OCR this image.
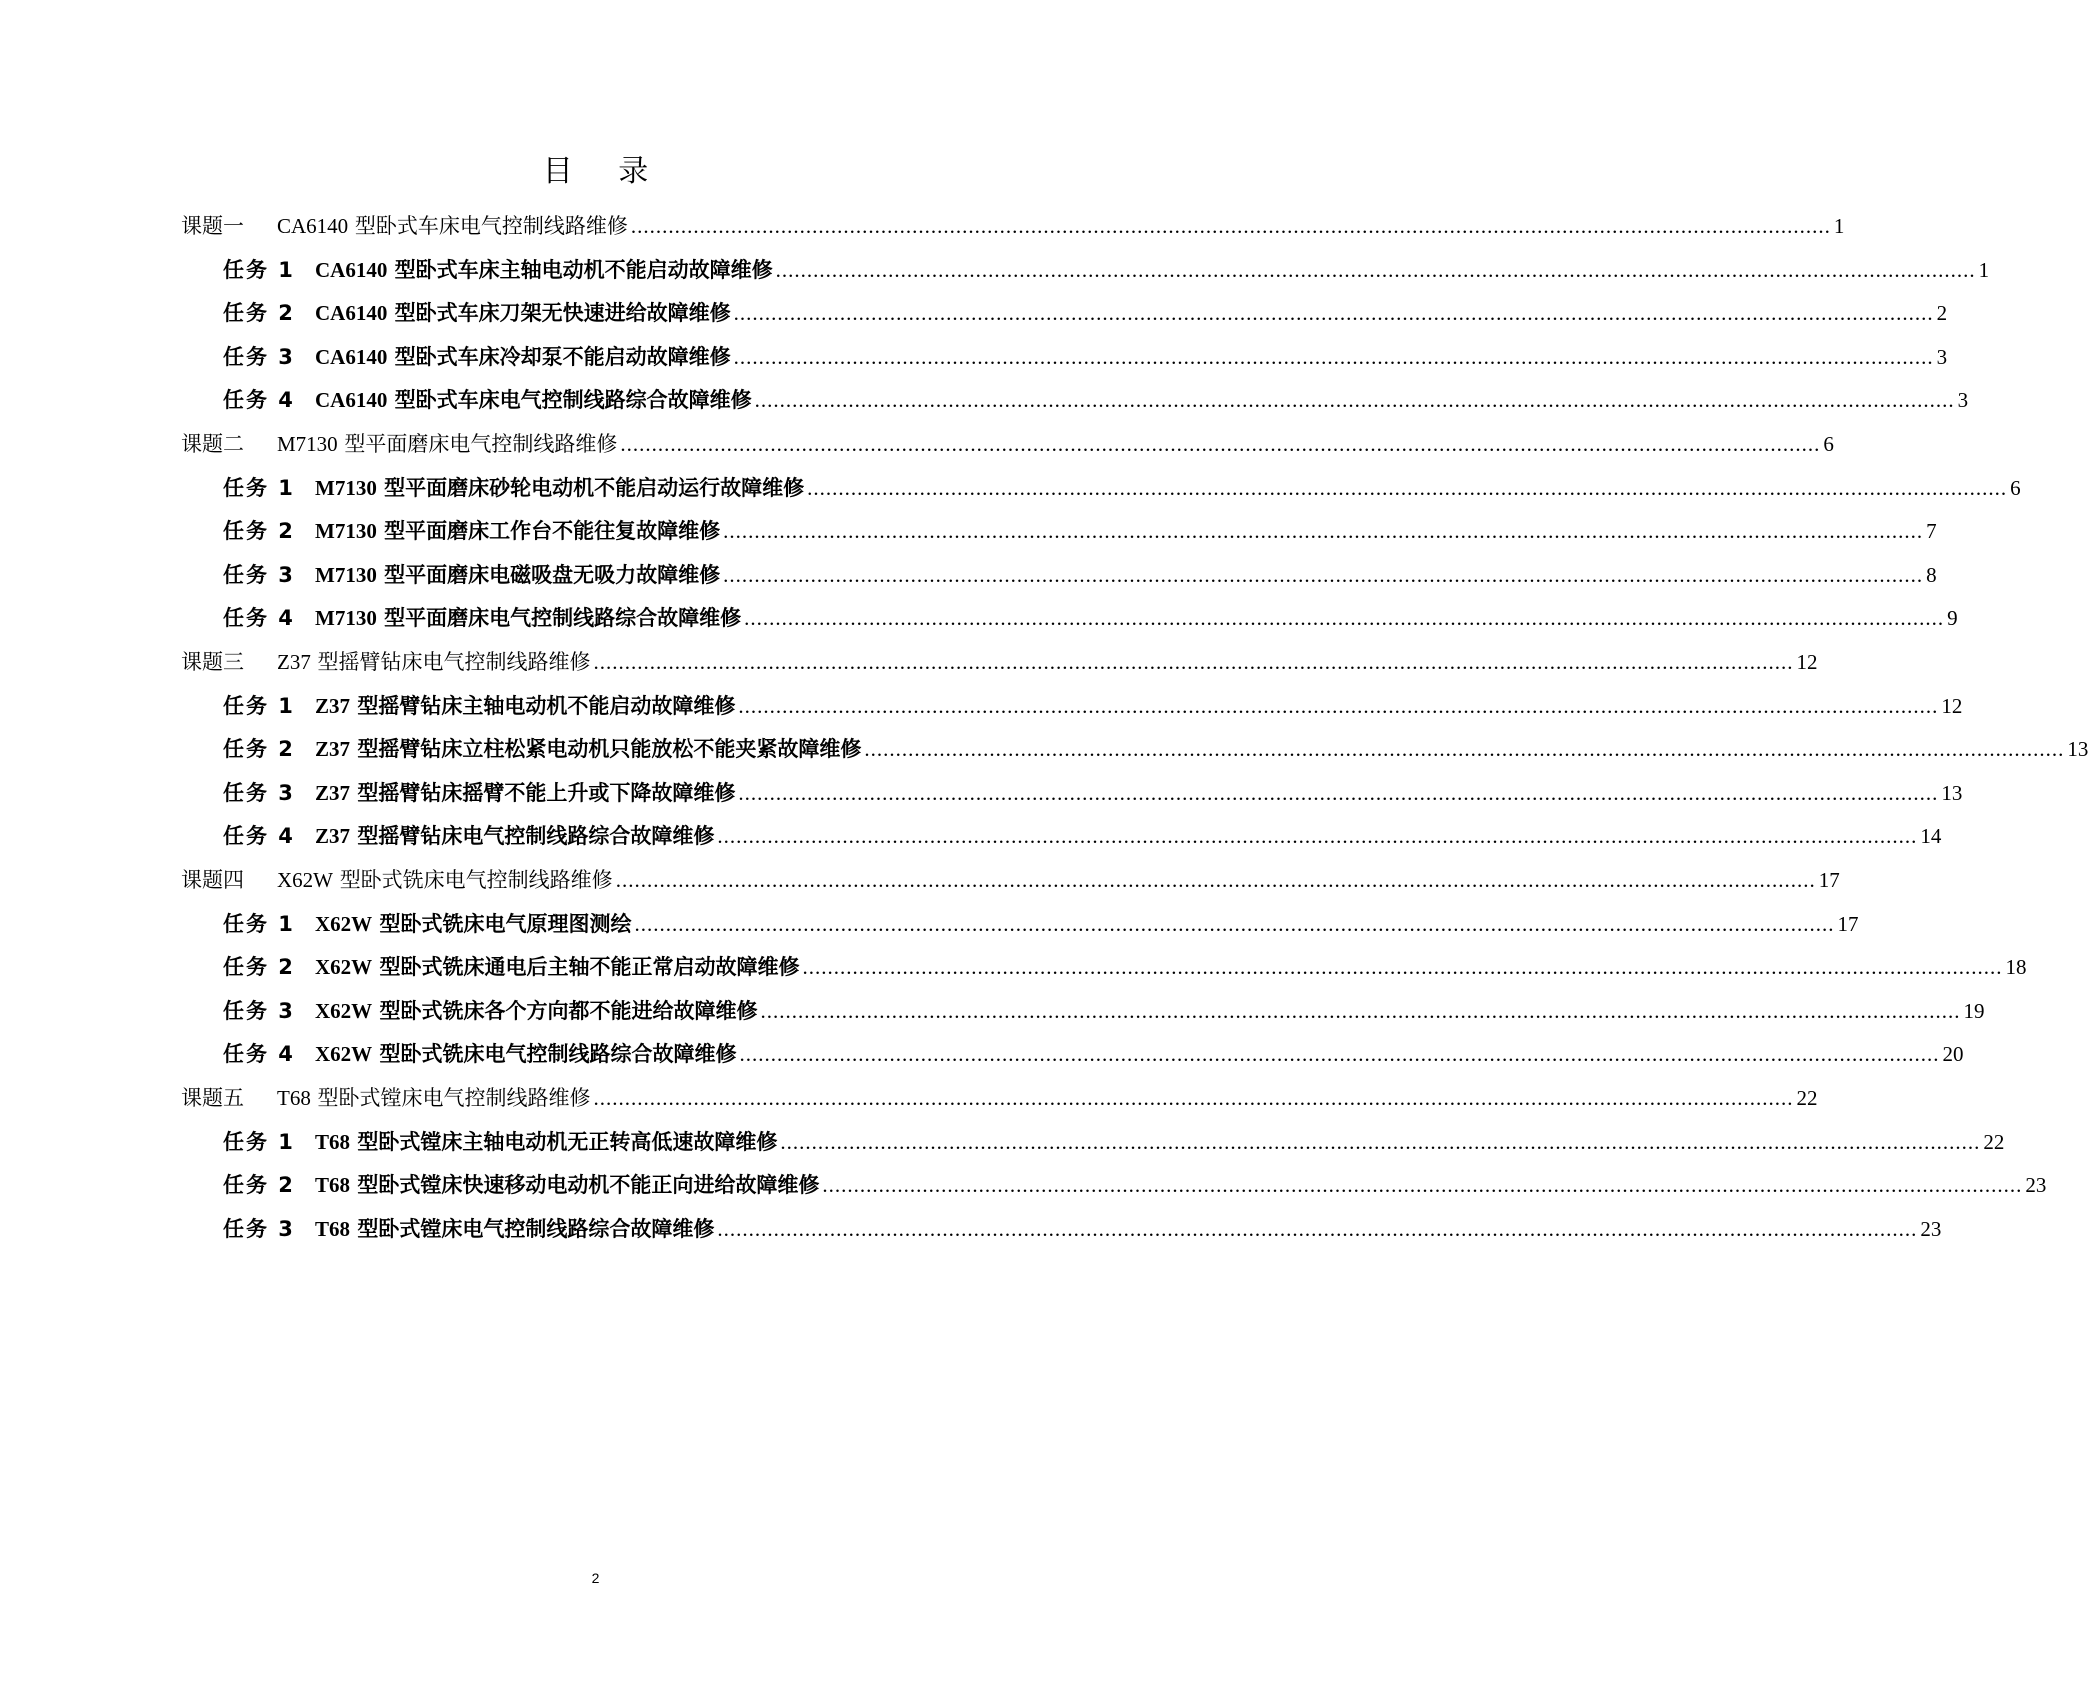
目 录
课题一	CA6140 型卧式车床电气控制线路维修 .....	1
任务 1 CA6140 型卧式车床主轴电动机不能启动故障维修 .....	1
任务 2 CA6140 型卧式车床刀架无快速进给故障维修 .....	2
任务 3 CA6140 型卧式车床冷却泵不能启动故障维修 .....	3
任务 4 CA6140 型卧式车床电气控制线路综合故障维修 .....	3
课题二	M7130 型平面磨床电气控制线路维修 .....	6
任务 1 M7130 型平面磨床砂轮电动机不能启动运行故障维修 .....	6
任务 2 M7130 型平面磨床工作台不能往复故障维修 .....	7
任务 3 M7130 型平面磨床电磁吸盘无吸力故障维修 .....	8
任务 4 M7130 型平面磨床电气控制线路综合故障维修 .....	9
课题三	Z37 型摇臂钻床电气控制线路维修 .....	12
任务 1 Z37 型摇臂钻床主轴电动机不能启动故障维修 .....	12
任务 2 Z37 型摇臂钻床立柱松紧电动机只能放松不能夹紧故障维修 .....	13
任务 3 Z37 型摇臂钻床摇臂不能上升或下降故障维修 .....	13
任务 4 Z37 型摇臂钻床电气控制线路综合故障维修 .....	14
课题四	X62W 型卧式铣床电气控制线路维修 .....	17
任务 1 X62W 型卧式铣床电气原理图测绘 .....	17
任务 2 X62W 型卧式铣床通电后主轴不能正常启动故障维修 .....	18
任务 3 X62W 型卧式铣床各个方向都不能进给故障维修 .....	19
任务 4 X62W 型卧式铣床电气控制线路综合故障维修 .....	20
课题五	T68 型卧式镗床电气控制线路维修 .....	22
任务 1 T68 型卧式镗床主轴电动机无正转高低速故障维修 .....	22
任务 2 T68 型卧式镗床快速移动电动机不能正向进给故障维修 .....	23
任务 3 T68 型卧式镗床电气控制线路综合故障维修 .....	23
2
